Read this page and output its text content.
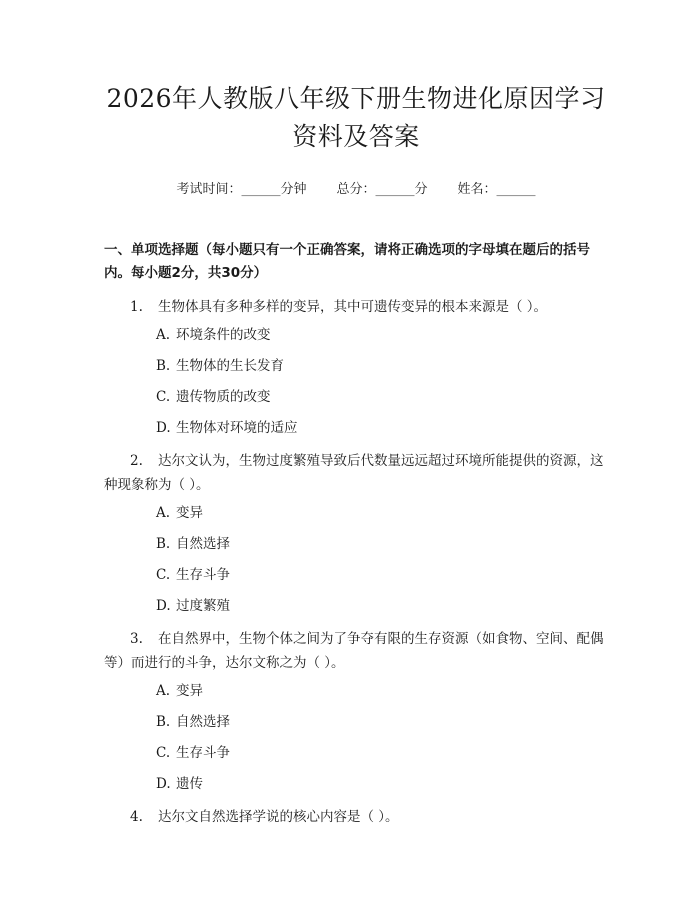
2026年人教版八年级下册生物进化原因学习
资料及答案
考试时间：______分钟 总分：______分 姓名：______
一、单项选择题（每小题只有一个正确答案，请将正确选项的字母填在题后的括号内。每小题2分，共30分）
1. 生物体具有多种多样的变异，其中可遗传变异的根本来源是（ ）。
A. 环境条件的改变
B. 生物体的生长发育
C. 遗传物质的改变
D. 生物体对环境的适应
2. 达尔文认为，生物过度繁殖导致后代数量远远超过环境所能提供的资源，这种现象称为（ ）。
A. 变异
B. 自然选择
C. 生存斗争
D. 过度繁殖
3. 在自然界中，生物个体之间为了争夺有限的生存资源（如食物、空间、配偶等）而进行的斗争，达尔文称之为（ ）。
A. 变异
B. 自然选择
C. 生存斗争
D. 遗传
4. 达尔文自然选择学说的核心内容是（ ）。
